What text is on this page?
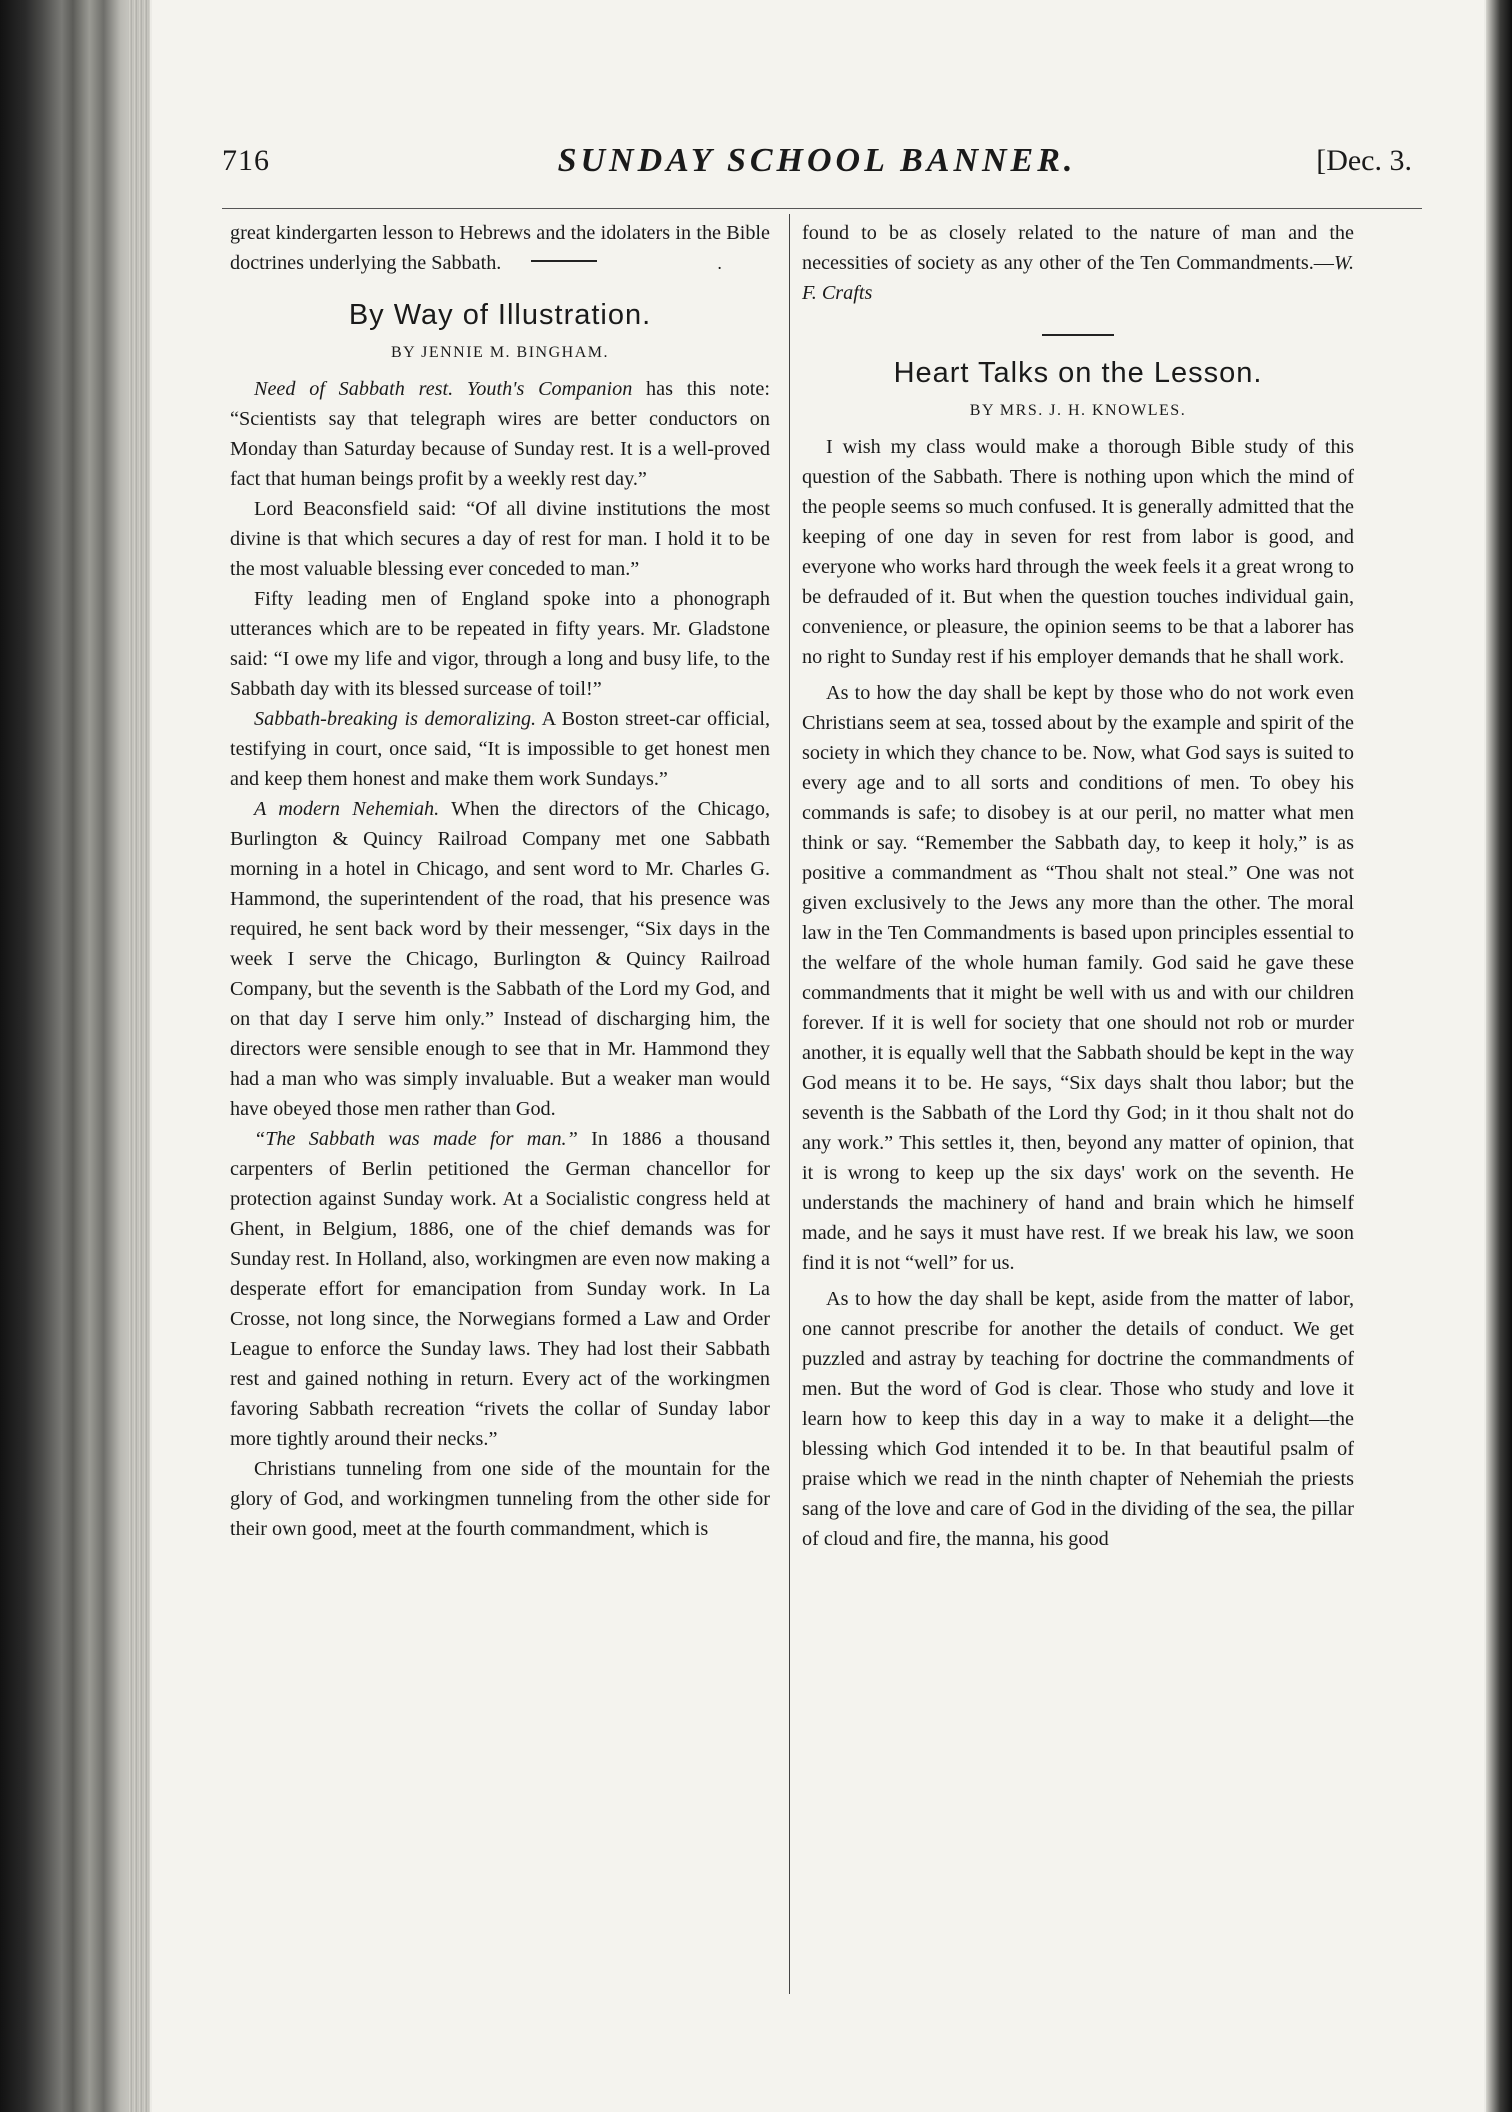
716	SUNDAY SCHOOL BANNER.	[Dec. 3.

great kindergarten lesson to Hebrews and the idolaters in the Bible doctrines underlying the Sabbath.	.

By Way of Illustration.
BY JENNIE M. BINGHAM.

Need of Sabbath rest. Youth's Companion has this note: “Scientists say that telegraph wires are better conductors on Monday than Saturday because of Sunday rest. It is a well-proved fact that human beings profit by a weekly rest day.”

Lord Beaconsfield said: “Of all divine institutions the most divine is that which secures a day of rest for man. I hold it to be the most valuable blessing ever conceded to man.”

Fifty leading men of England spoke into a phonograph utterances which are to be repeated in fifty years. Mr. Gladstone said: “I owe my life and vigor, through a long and busy life, to the Sabbath day with its blessed surcease of toil!”

Sabbath-breaking is demoralizing. A Boston street-car official, testifying in court, once said, “It is impossible to get honest men and keep them honest and make them work Sundays.”

A modern Nehemiah. When the directors of the Chicago, Burlington & Quincy Railroad Company met one Sabbath morning in a hotel in Chicago, and sent word to Mr. Charles G. Hammond, the superintendent of the road, that his presence was required, he sent back word by their messenger, “Six days in the week I serve the Chicago, Burlington & Quincy Railroad Company, but the seventh is the Sabbath of the Lord my God, and on that day I serve him only.” Instead of discharging him, the directors were sensible enough to see that in Mr. Hammond they had a man who was simply invaluable. But a weaker man would have obeyed those men rather than God.

“The Sabbath was made for man.” In 1886 a thousand carpenters of Berlin petitioned the German chancellor for protection against Sunday work. At a Socialistic congress held at Ghent, in Belgium, 1886, one of the chief demands was for Sunday rest. In Holland, also, workingmen are even now making a desperate effort for emancipation from Sunday work. In La Crosse, not long since, the Norwegians formed a Law and Order League to enforce the Sunday laws. They had lost their Sabbath rest and gained nothing in return. Every act of the workingmen favoring Sabbath recreation “rivets the collar of Sunday labor more tightly around their necks.”

Christians tunneling from one side of the mountain for the glory of God, and workingmen tunneling from the other side for their own good, meet at the fourth commandment, which is

found to be as closely related to the nature of man and the necessities of society as any other of the Ten Commandments.—W. F. Crafts

Heart Talks on the Lesson.
BY MRS. J. H. KNOWLES.

I wish my class would make a thorough Bible study of this question of the Sabbath. There is nothing upon which the mind of the people seems so much confused. It is generally admitted that the keeping of one day in seven for rest from labor is good, and everyone who works hard through the week feels it a great wrong to be defrauded of it. But when the question touches individual gain, convenience, or pleasure, the opinion seems to be that a laborer has no right to Sunday rest if his employer demands that he shall work.

As to how the day shall be kept by those who do not work even Christians seem at sea, tossed about by the example and spirit of the society in which they chance to be. Now, what God says is suited to every age and to all sorts and conditions of men. To obey his commands is safe; to disobey is at our peril, no matter what men think or say. “Remember the Sabbath day, to keep it holy,” is as positive a commandment as “Thou shalt not steal.” One was not given exclusively to the Jews any more than the other. The moral law in the Ten Commandments is based upon principles essential to the welfare of the whole human family. God said he gave these commandments that it might be well with us and with our children forever. If it is well for society that one should not rob or murder another, it is equally well that the Sabbath should be kept in the way God means it to be. He says, “Six days shalt thou labor; but the seventh is the Sabbath of the Lord thy God; in it thou shalt not do any work.” This settles it, then, beyond any matter of opinion, that it is wrong to keep up the six days' work on the seventh. He understands the machinery of hand and brain which he himself made, and he says it must have rest. If we break his law, we soon find it is not “well” for us.

As to how the day shall be kept, aside from the matter of labor, one cannot prescribe for another the details of conduct. We get puzzled and astray by teaching for doctrine the commandments of men. But the word of God is clear. Those who study and love it learn how to keep this day in a way to make it a delight—the blessing which God intended it to be. In that beautiful psalm of praise which we read in the ninth chapter of Nehemiah the priests sang of the love and care of God in the dividing of the sea, the pillar of cloud and fire, the manna, his good
